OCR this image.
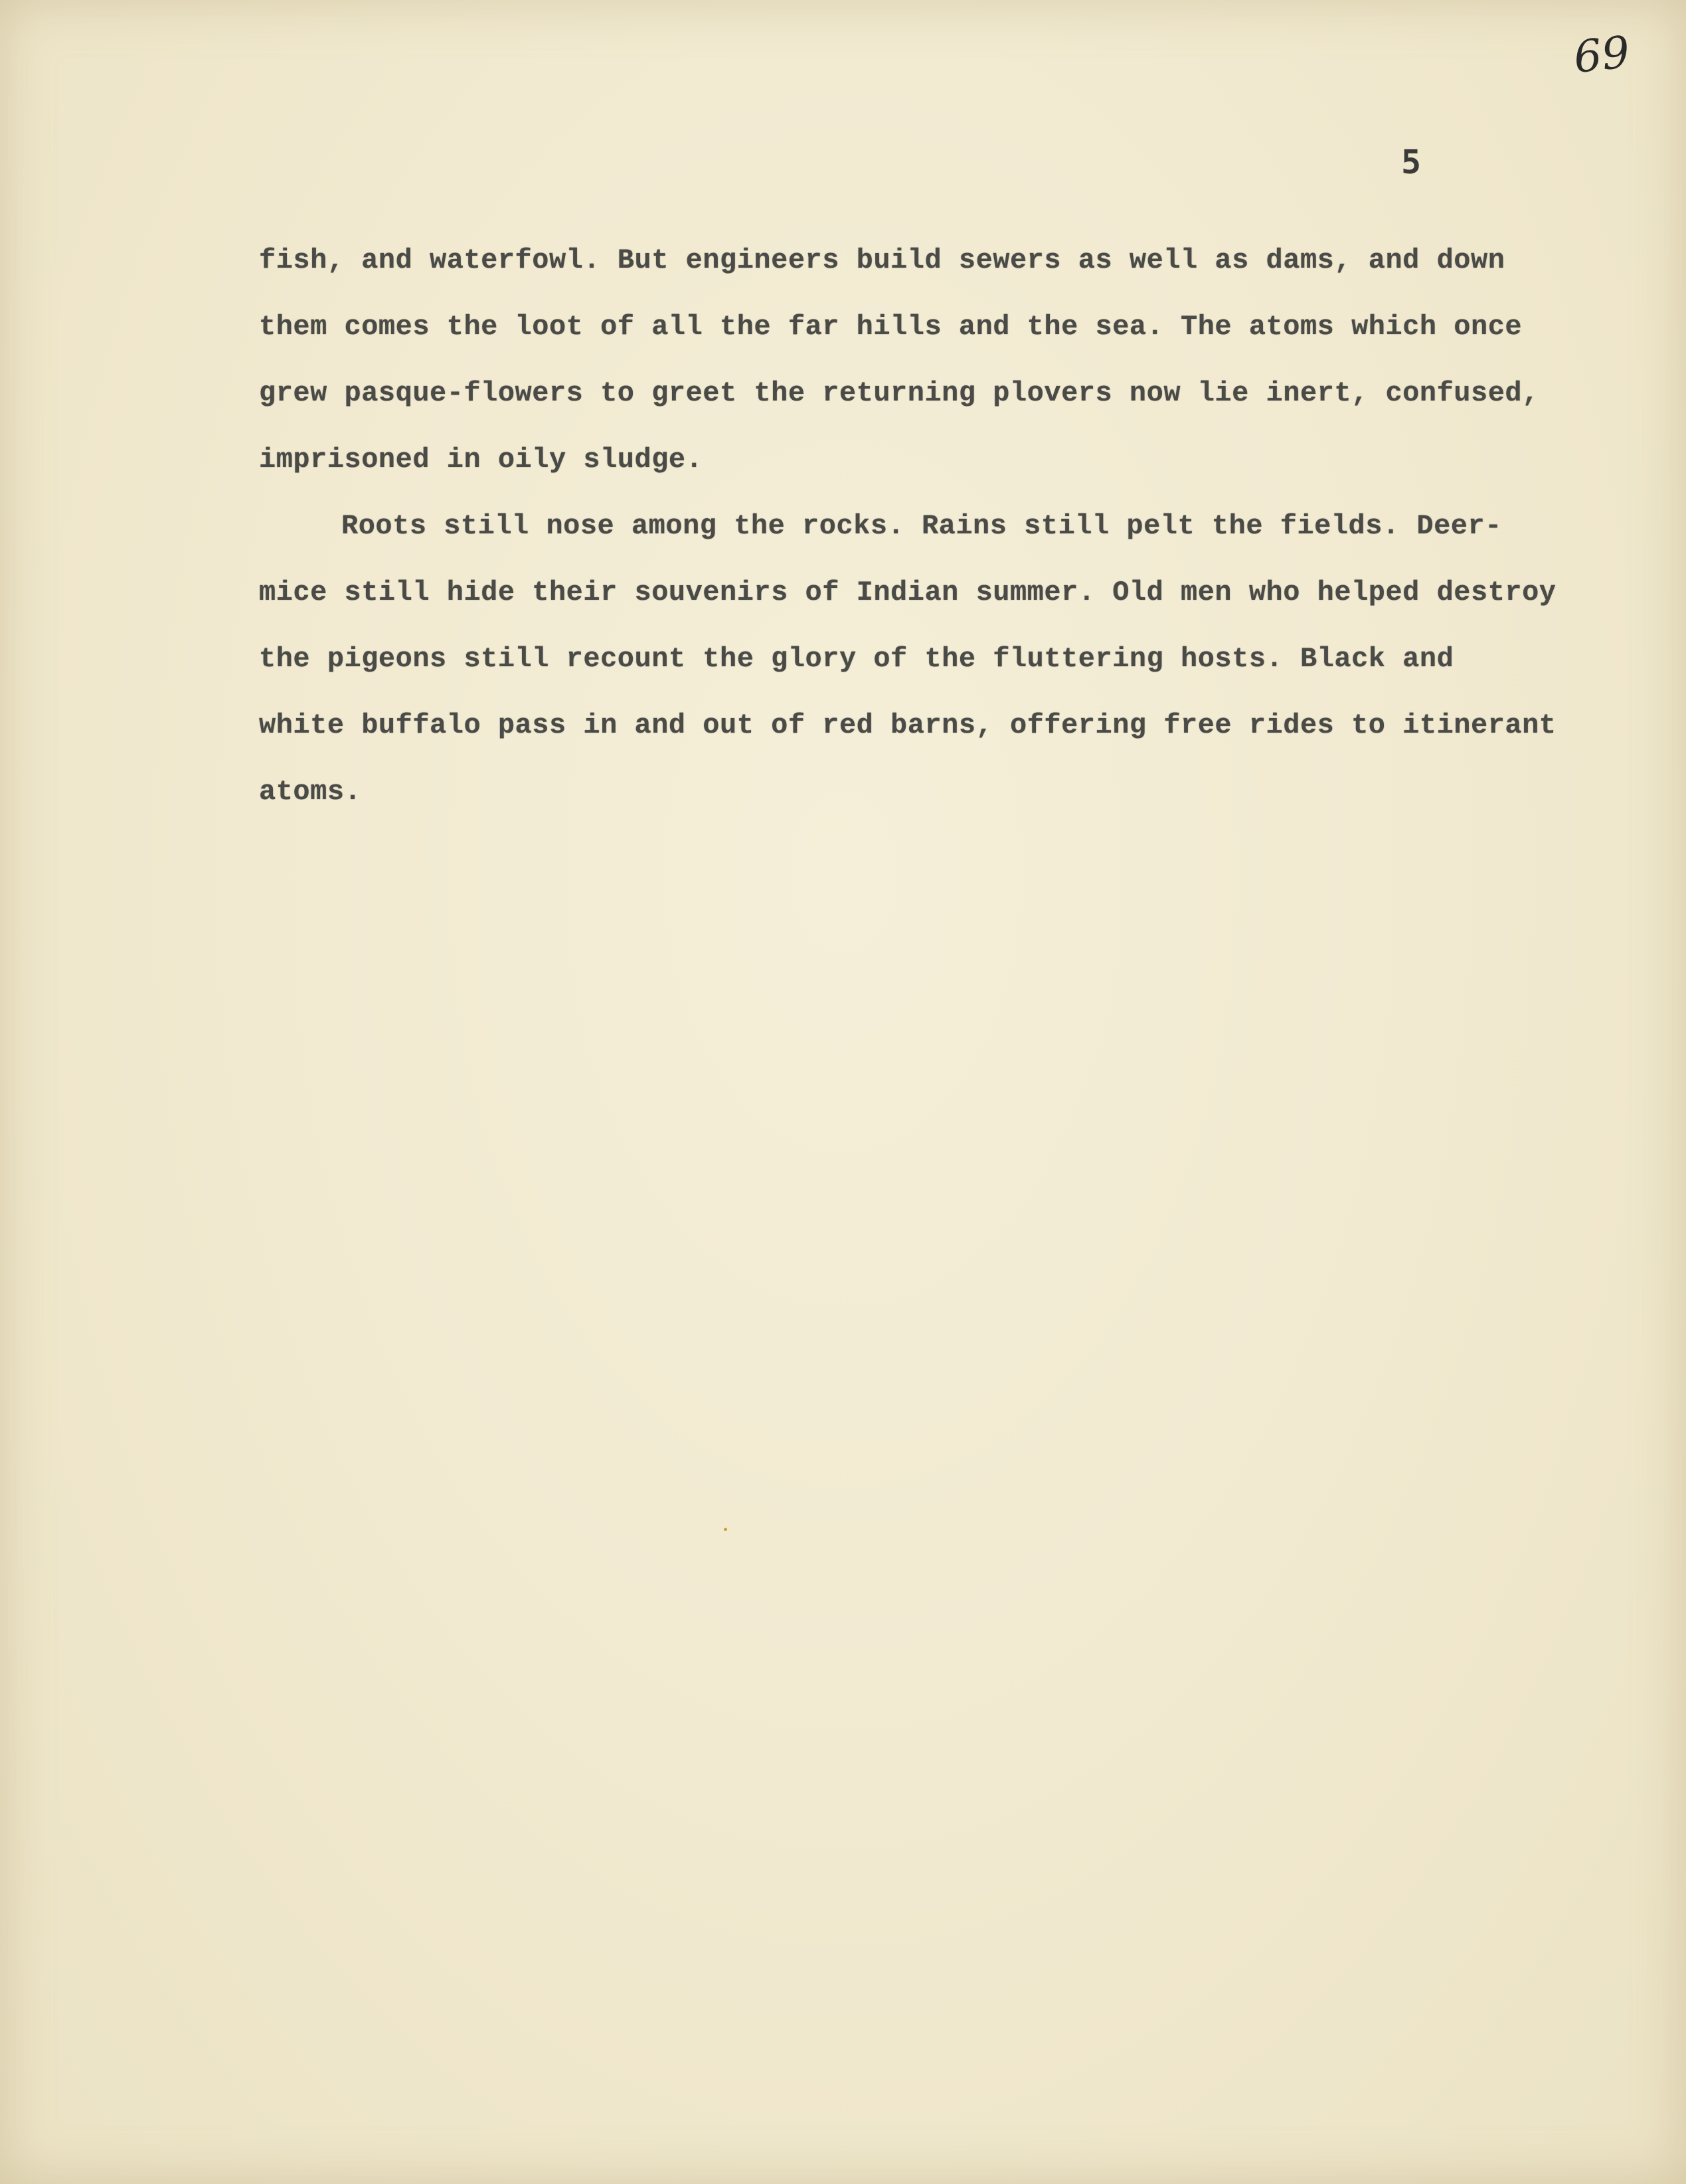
69
5
fish, and waterfowl. But engineers build sewers as well as dams, and down
them comes the loot of all the far hills and the sea. The atoms which once
grew pasque-flowers to greet the returning plovers now lie inert, confused,
imprisoned in oily sludge.
Roots still nose among the rocks. Rains still pelt the fields. Deer-
mice still hide their souvenirs of Indian summer. Old men who helped destroy
the pigeons still recount the glory of the fluttering hosts. Black and
white buffalo pass in and out of red barns, offering free rides to itinerant
atoms.
